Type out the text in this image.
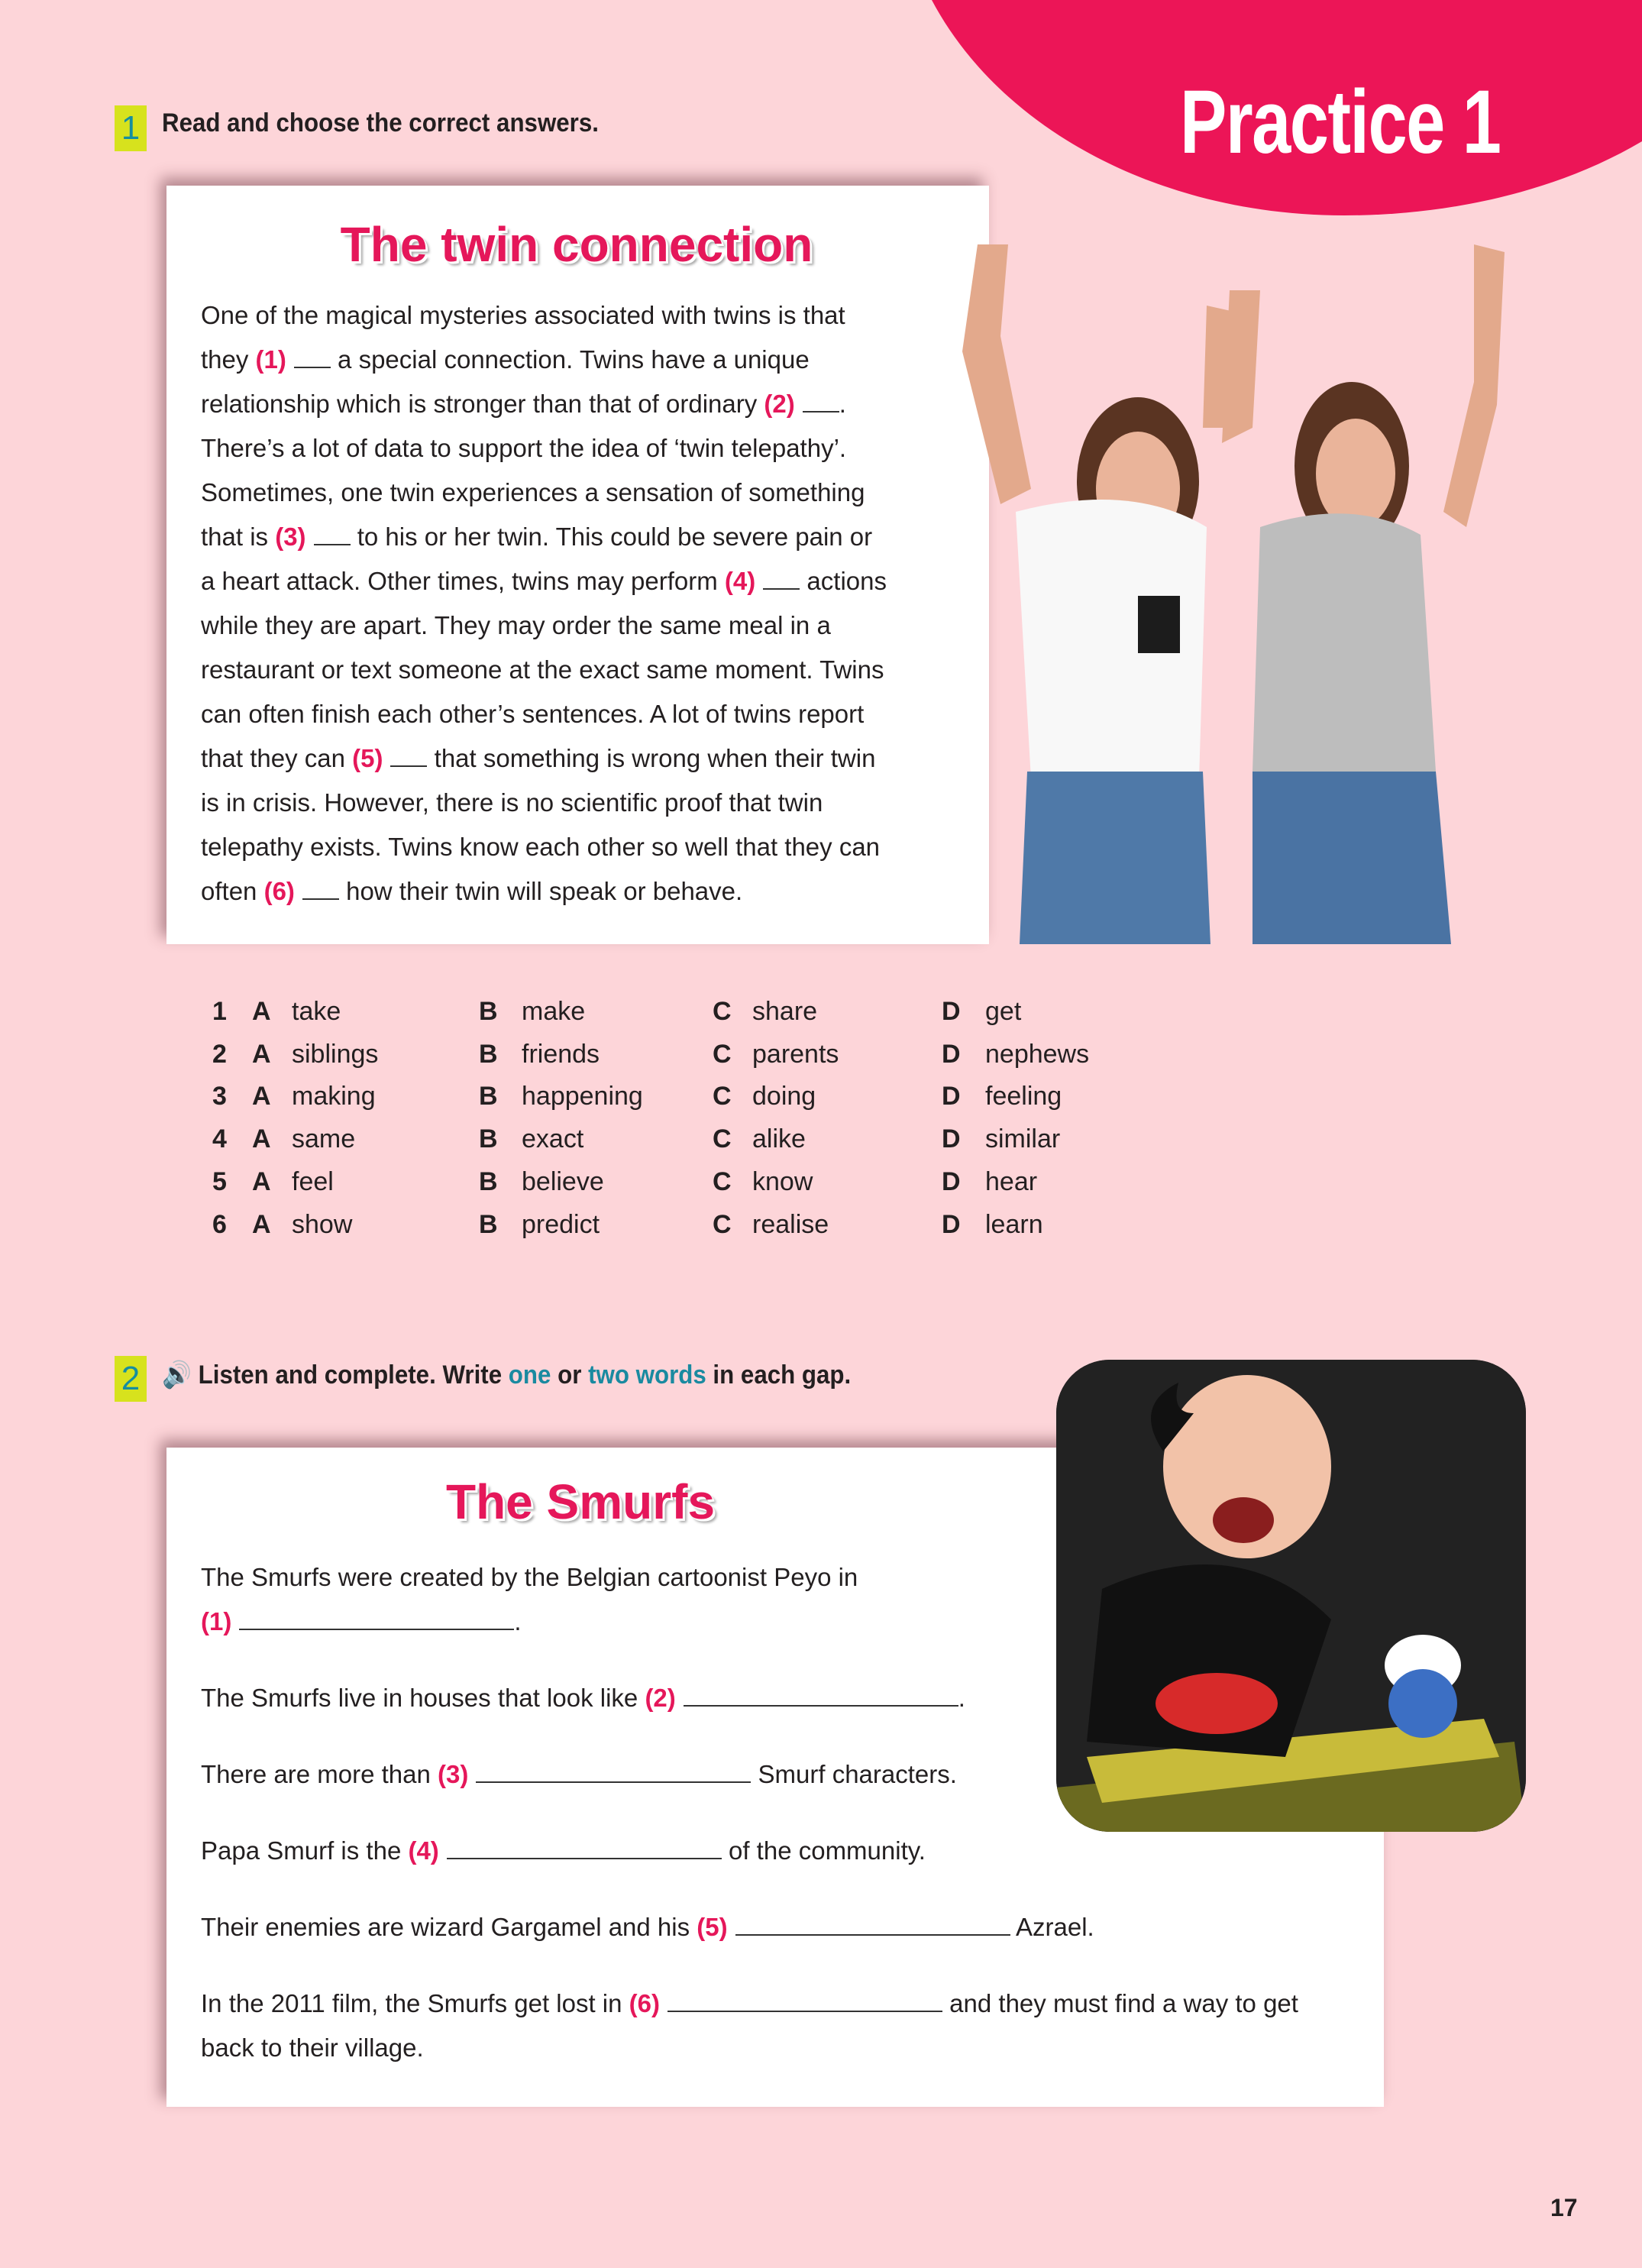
Practice 1
1 Read and choose the correct answers.
The twin connection
One of the magical mysteries associated with twins is that
they (1) a special connection. Twins have a unique
relationship which is stronger than that of ordinary (2) .
There’s a lot of data to support the idea of ‘twin telepathy’.
Sometimes, one twin experiences a sensation of something
that is (3) to his or her twin. This could be severe pain or
a heart attack. Other times, twins may perform (4) actions
while they are apart. They may order the same meal in a
restaurant or text someone at the exact same moment. Twins
can often finish each other’s sentences. A lot of twins report
that they can (5) that something is wrong when their twin
is in crisis. However, there is no scientific proof that twin
telepathy exists. Twins know each other so well that they can
often (6) how their twin will speak or behave.
1 A take	B make	C share	D get
2 A siblings	B friends	C parents	D nephews
3 A making	B happening	C doing	D feeling
4 A same	B exact	C alike	D similar
5 A feel	B believe	C know	D hear
6 A show	B predict	C realise	D learn
2 🔊 Listen and complete. Write one or two words in each gap.
The Smurfs
The Smurfs were created by the Belgian cartoonist Peyo in
(1)	.
The Smurfs live in houses that look like (2)	.
There are more than (3)	Smurf characters.
Papa Smurf is the (4)	of the community.
Their enemies are wizard Gargamel and his (5)	Azrael.
In the 2011 film, the Smurfs get lost in (6)	and they must find a way to get
back to their village.
17
